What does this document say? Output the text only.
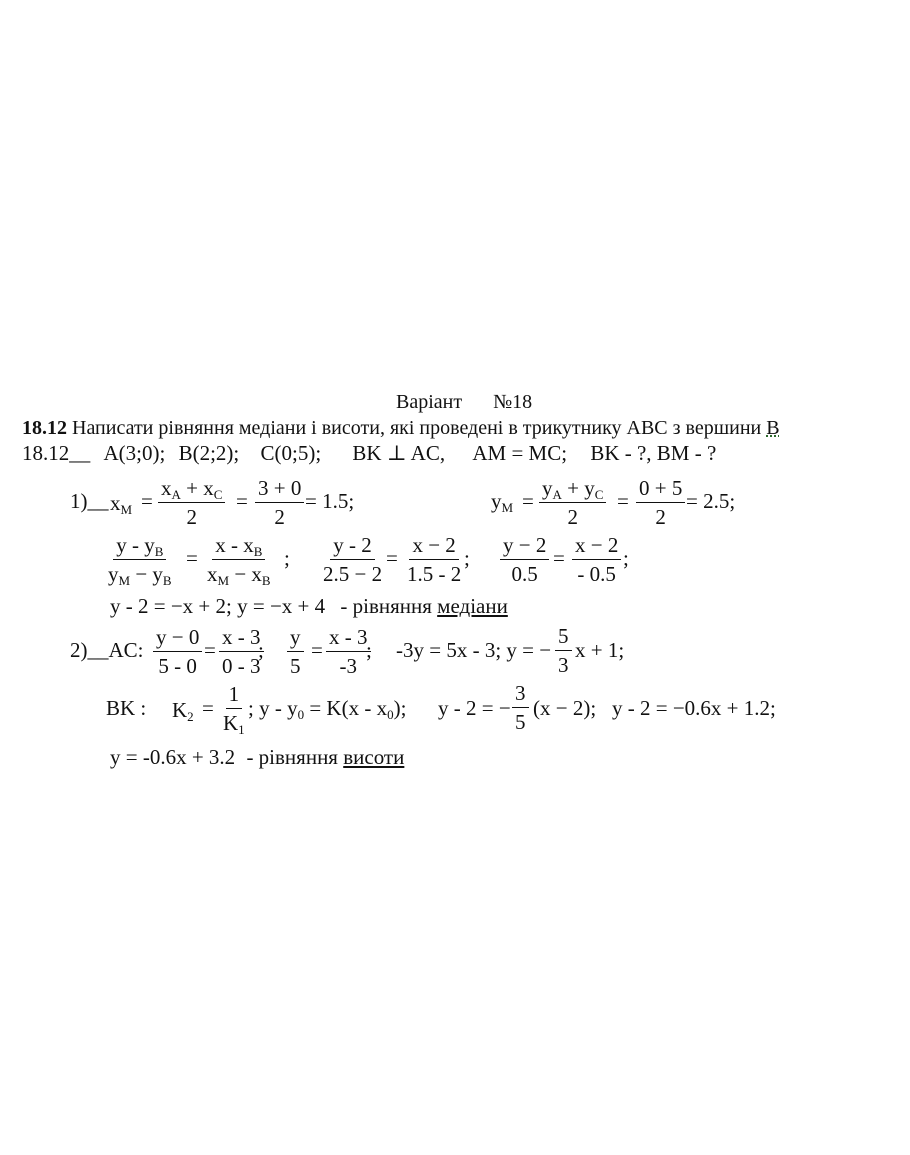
Варіант №18
18.12 Написати рівняння медіани і висоти, які проведені в трикутнику ABC з вершини B
18.12__ A(3;0); B(2;2); C(0;5); BK ⊥ AC, AM = MC; BK - ?, BM - ?
1)__ $x_M = \frac{x_A + x_C}{2} = \frac{3 + 0}{2} = 1.5$;	$y_M = \frac{y_A + y_C}{2} = \frac{0 + 5}{2} = 2.5$;
$\frac{y - y_B}{y_M - y_B} = \frac{x - x_B}{x_M - x_B}$ ; $\frac{y - 2}{2.5 - 2} = \frac{x - 2}{1.5 - 2}$ ; $\frac{y - 2}{0.5} = \frac{x - 2}{- 0.5}$ ;
y - 2 = −x + 2; y = −x + 4 - рівняння медіани
2)__AC: $\frac{y - 0}{5 - 0} = \frac{x - 3}{0 - 3}$
; $\frac{y}{5} = \frac{x - 3}{-3}$
; -3y = 5x - 3; y = − $\frac{5}{3}$ x + 1;
BK : $K_2 = \frac{1}{K_1}$ ; $y - y_0 = K(x - x_0)$; y - 2 = − $\frac{3}{5} (x - 2)$; y - 2 = −0.6x + 1.2;
y = -0.6x + 3.2 - рівняння висоти
